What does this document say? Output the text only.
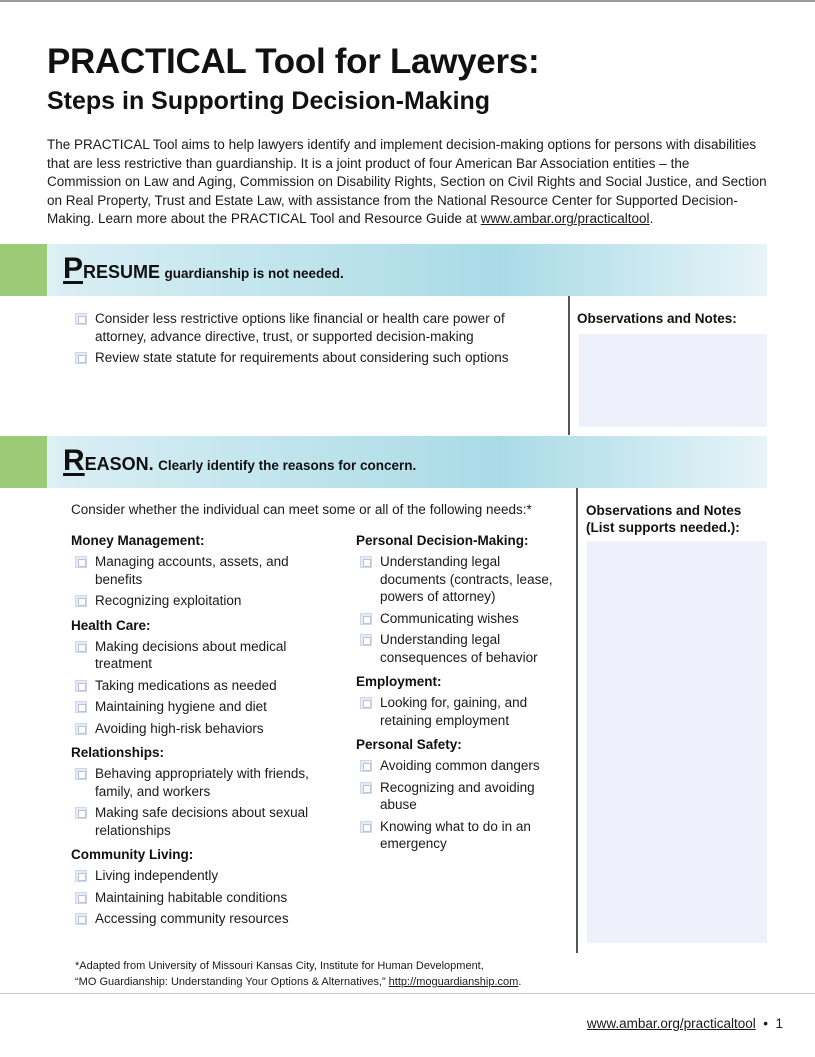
PRACTICAL Tool for Lawyers:
Steps in Supporting Decision-Making
The PRACTICAL Tool aims to help lawyers identify and implement decision-making options for persons with disabilities that are less restrictive than guardianship. It is a joint product of four American Bar Association entities – the Commission on Law and Aging, Commission on Disability Rights, Section on Civil Rights and Social Justice, and Section on Real Property, Trust and Estate Law, with assistance from the National Resource Center for Supported Decision-Making. Learn more about the PRACTICAL Tool and Resource Guide at www.ambar.org/practicaltool.
PRESUME guardianship is not needed.
Consider less restrictive options like financial or health care power of attorney, advance directive, trust, or supported decision-making
Review state statute for requirements about considering such options
Observations and Notes:
REASON. Clearly identify the reasons for concern.
Consider whether the individual can meet some or all of the following needs:*
Money Management:
Managing accounts, assets, and benefits
Recognizing exploitation
Health Care:
Making decisions about medical treatment
Taking medications as needed
Maintaining hygiene and diet
Avoiding high-risk behaviors
Relationships:
Behaving appropriately with friends, family, and workers
Making safe decisions about sexual relationships
Community Living:
Living independently
Maintaining habitable conditions
Accessing community resources
Personal Decision-Making:
Understanding legal documents (contracts, lease, powers of attorney)
Communicating wishes
Understanding legal consequences of behavior
Employment:
Looking for, gaining, and retaining employment
Personal Safety:
Avoiding common dangers
Recognizing and avoiding abuse
Knowing what to do in an emergency
Observations and Notes
(List supports needed.):
*Adapted from University of Missouri Kansas City, Institute for Human Development,
“MO Guardianship: Understanding Your Options & Alternatives,” http://moguardianship.com.
www.ambar.org/practicaltool • 1
